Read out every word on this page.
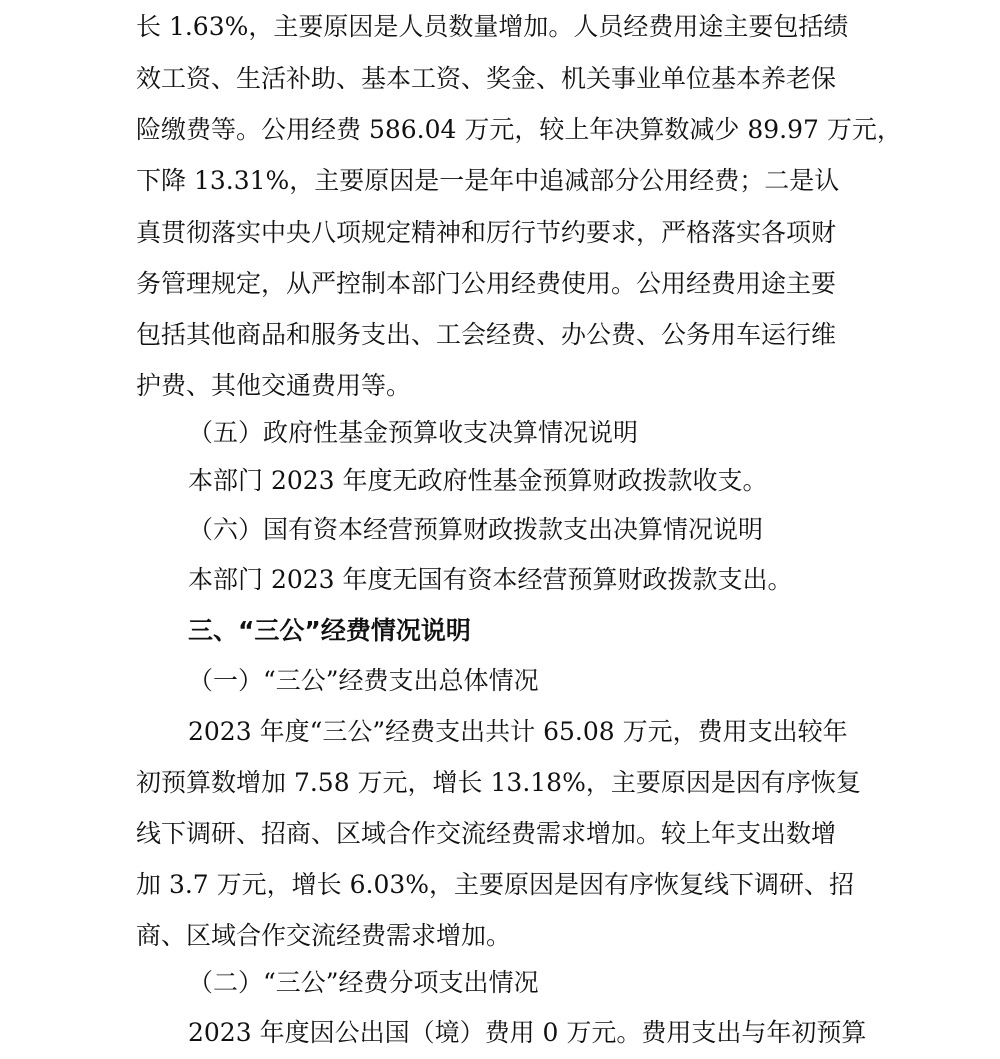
长 1.63%，主要原因是人员数量增加。人员经费用途主要包括绩
效工资、生活补助、基本工资、奖金、机关事业单位基本养老保
险缴费等。公用经费 586.04 万元，较上年决算数减少 89.97 万元，
下降 13.31%，主要原因是一是年中追减部分公用经费；二是认
真贯彻落实中央八项规定精神和厉行节约要求，严格落实各项财
务管理规定，从严控制本部门公用经费使用。公用经费用途主要
包括其他商品和服务支出、工会经费、办公费、公务用车运行维
护费、其他交通费用等。
（五）政府性基金预算收支决算情况说明
本部门 2023 年度无政府性基金预算财政拨款收支。
（六）国有资本经营预算财政拨款支出决算情况说明
本部门 2023 年度无国有资本经营预算财政拨款支出。
三、“三公”经费情况说明
（一）“三公”经费支出总体情况
2023 年度“三公”经费支出共计 65.08 万元，费用支出较年
初预算数增加 7.58 万元，增长 13.18%，主要原因是因有序恢复
线下调研、招商、区域合作交流经费需求增加。较上年支出数增
加 3.7 万元，增长 6.03%，主要原因是因有序恢复线下调研、招
商、区域合作交流经费需求增加。
（二）“三公”经费分项支出情况
2023 年度因公出国（境）费用 0 万元。费用支出与年初预算
